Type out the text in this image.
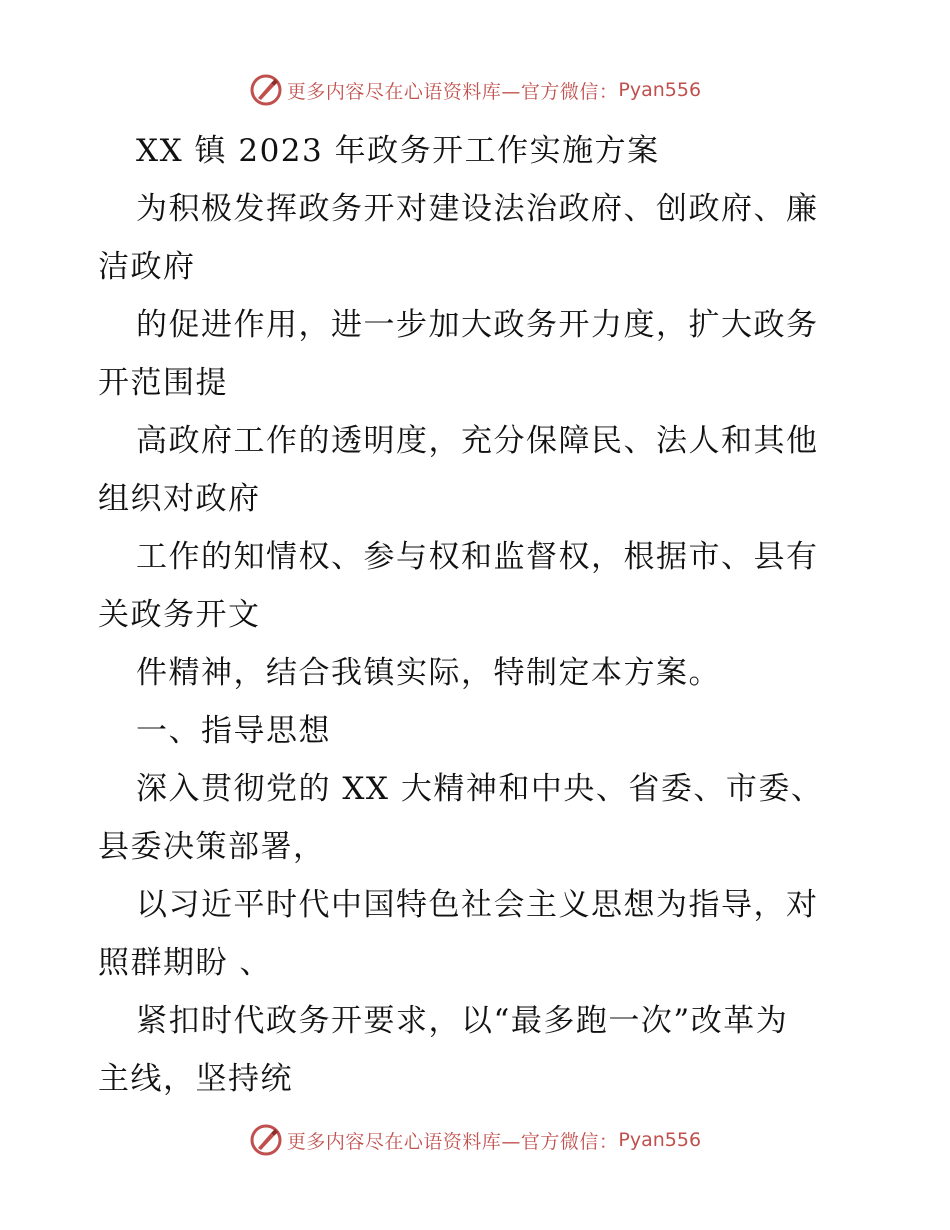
更多内容尽在心语资料库—官方微信： Pyan556
XX 镇 2023 年政务开工作实施方案
为积极发挥政务开对建设法治政府、创政府、廉
洁政府
的促进作用，进一步加大政务开力度，扩大政务
开范围提
高政府工作的透明度，充分保障民、法人和其他
组织对政府
工作的知情权、参与权和监督权，根据市、县有
关政务开文
件精神，结合我镇实际，特制定本方案。
一、指导思想
深入贯彻党的 XX 大精神和中央、省委、市委、
县委决策部署，
以习近平时代中国特色社会主义思想为指导，对
照群期盼 、
紧扣时代政务开要求，以“最多跑一次”改革为
主线，坚持统
更多内容尽在心语资料库—官方微信： Pyan556
